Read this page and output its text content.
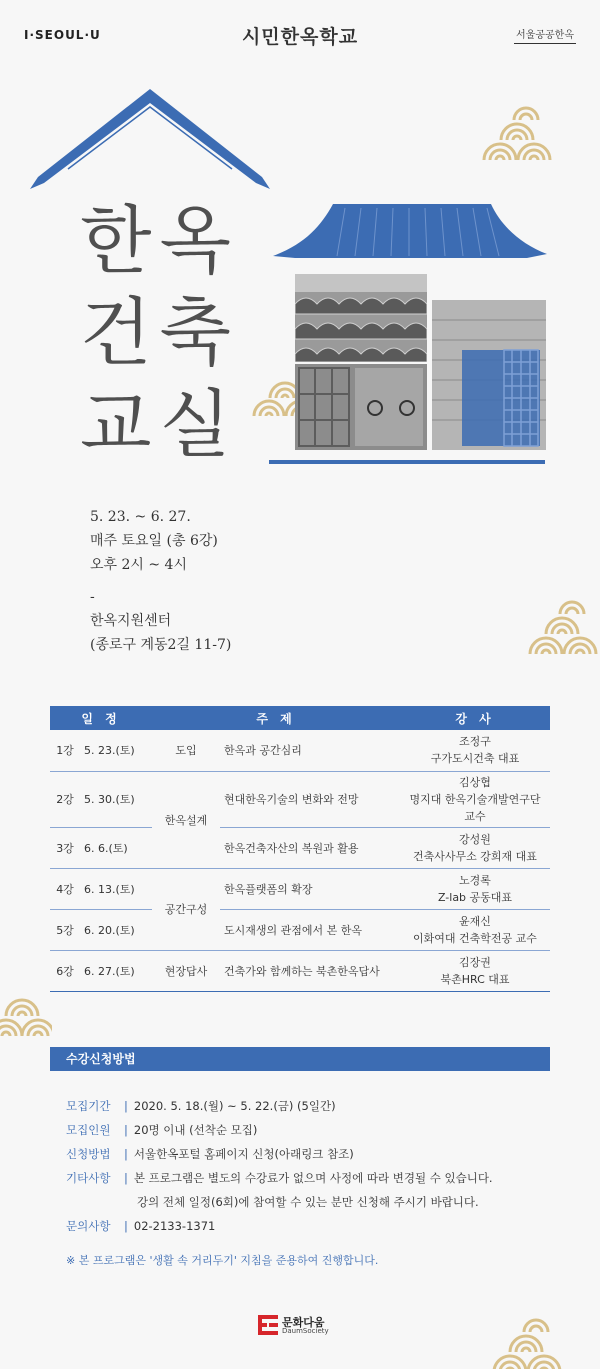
I·SEOUL·U	시민한옥학교	서울공공한옥
한옥
건축
교실
5. 23. ~ 6. 27.
매주 토요일 (총 6강)
오후 2시 ~ 4시
-
한옥지원센터
(종로구 계동2길 11-7)
일 정		주 제		강 사
1강	5. 23.(토)	도입	한옥과 공간심리	조정구
구가도시건축 대표

2강	5. 30.(토)	한옥설계	현대한옥기술의 변화와 전망	김상협
명지대 한옥기술개발연구단 교수

3강	6. 6.(토)		한옥건축자산의 복원과 활용	강성원
건축사사무소 강희재 대표

4강	6. 13.(토)	공간구성	한옥플랫폼의 확장	노경록
Z-lab 공동대표

5강	6. 20.(토)		도시재생의 관점에서 본 한옥	윤재신
이화여대 건축학전공 교수

6강	6. 27.(토)	현장답사	건축가와 함께하는 북촌한옥답사	김장권
북촌HRC 대표
수강신청방법
모집기간 | 2020. 5. 18.(월) ~ 5. 22.(금) (5일간)
모집인원 | 20명 이내 (선착순 모집)
신청방법 | 서울한옥포털 홈페이지 신청(아래링크 참조)
기타사항 | 본 프로그램은 별도의 수강료가 없으며 사정에 따라 변경될 수 있습니다.
강의 전체 일정(6회)에 참여할 수 있는 분만 신청해 주시기 바랍니다.
문의사항 | 02-2133-1371
※ 본 프로그램은 '생활 속 거리두기' 지침을 준용하여 진행합니다.
문화다움
DaumSociety
